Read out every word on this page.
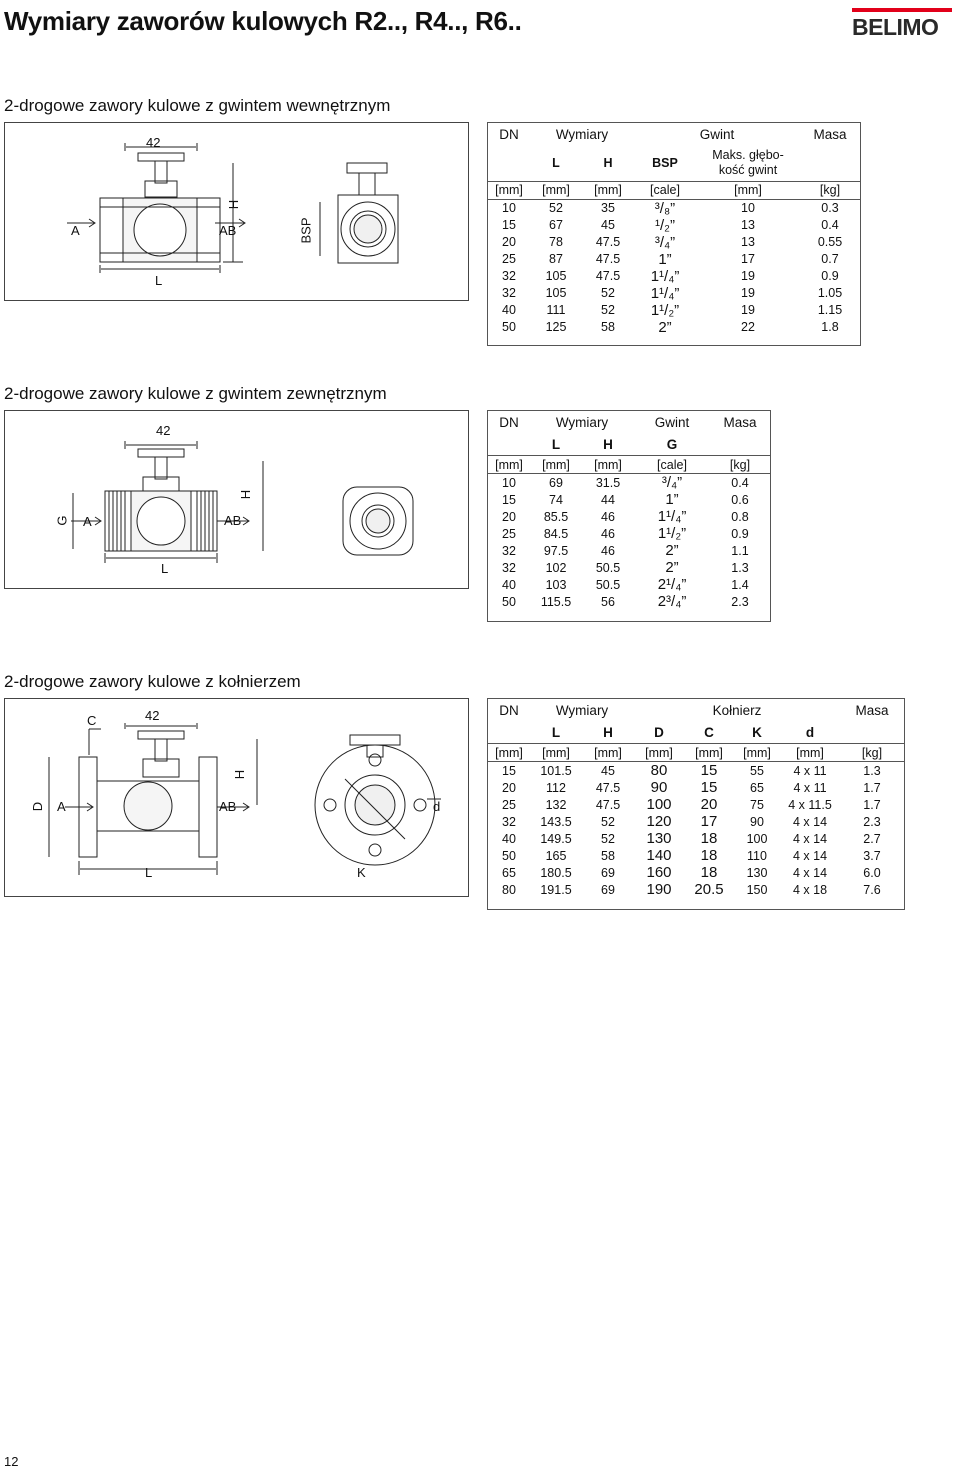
Wymiary zaworów kulowych R2.., R4.., R6..	BELIMO
2-drogowe zawory kulowe z gwintem wewnętrznym
42
A	AB
H
L
BSP
DN	Wymiary		Gwint		Masa
	L	H	BSP	Maks. głębo-
kość gwint	
[mm]	[mm]	[mm]	[cale]	[mm]	[kg]
10	52	35	³/₈”	10	0.3
15	67	45	¹/₂”	13	0.4
20	78	47.5	³/₄”	13	0.55
25	87	47.5	1”	17	0.7
32	105	47.5	1¹/₄”	19	0.9
32	105	52	1¹/₄”	19	1.05
40	111	52	1¹/₂”	19	1.15
50	125	58	2”	22	1.8
2-drogowe zawory kulowe z gwintem zewnętrznym
42
G A	AB
H
L
DN	Wymiary		Gwint	Masa
	L	H	G	
[mm]	[mm]	[mm]	[cale]	[kg]
10	69	31.5	³/₄”	0.4
15	74	44	1”	0.6
20	85.5	46	1¹/₄”	0.8
25	84.5	46	1¹/₂”	0.9
32	97.5	46	2”	1.1
32	102	50.5	2”	1.3
40	103	50.5	2¹/₄”	1.4
50	115.5	56	2³/₄”	2.3
2-drogowe zawory kulowe z kołnierzem
C	42
D A	AB
H
L	K
d
DN	Wymiary		Kołnierz				Masa
	L	H	D	C	K	d	
[mm]	[mm]	[mm]	[mm]	[mm]	[mm]	[mm]	[kg]
15	101.5	45	80	15	55	4 x 11	1.3
20	112	47.5	90	15	65	4 x 11	1.7
25	132	47.5	100	20	75	4 x 11.5	1.7
32	143.5	52	120	17	90	4 x 14	2.3
40	149.5	52	130	18	100	4 x 14	2.7
50	165	58	140	18	110	4 x 14	3.7
65	180.5	69	160	18	130	4 x 14	6.0
80	191.5	69	190	20.5	150	4 x 18	7.6
12
